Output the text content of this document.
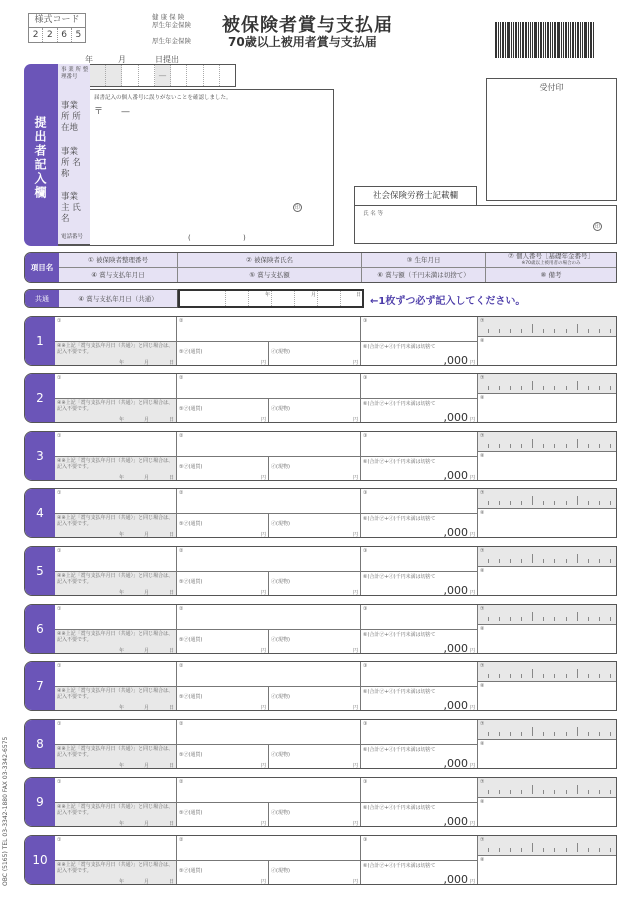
様式コード
2 2 6 5
健 康 保 険
厚生年金保険
厚生年金保険
被保険者賞与支払届
70歳以上被用者賞与支払届
年	月	日提出
提出者記入欄
事 業 所 整理番号
事業所 所在地
事業所 名　称
事業主 氏　名
電話番号
—
届書記入の個人番号に誤りがないことを確認しました。
〒　　—
印
(	)
受付印
社会保険労務士記載欄
氏 名 等
印
項目名
① 被保険者整理番号	② 被保険者氏名	③ 生年月日	⑦ 個人番号［基礎年金番号］
※70歳以上被用者の場合のみ
④ 賞与支払年月日	⑤ 賞与支払額	⑥ 賞与額（千円未満は切捨て）	⑧ 備考
共通	④ 賞与支払年月日（共通）	年	月	日
←1枚ずつ必ず記入してください。
1
①	②	③	⑦
④※上記「賞与支払年月日（共通）」と同じ場合は、記入不要です。
年　　　　月　　　　日
⑤㋐(通貨)
円
㋑(現物)
円
⑥(合計㋐+㋑)千円未満は切捨て
,000 円
⑧
2
①	②	③	⑦
④※上記「賞与支払年月日（共通）」と同じ場合は、記入不要です。
年　　　　月　　　　日
⑤㋐(通貨)
円
㋑(現物)
円
⑥(合計㋐+㋑)千円未満は切捨て
,000 円
⑧
3
①	②	③	⑦
④※上記「賞与支払年月日（共通）」と同じ場合は、記入不要です。
年　　　　月　　　　日
⑤㋐(通貨)
円
㋑(現物)
円
⑥(合計㋐+㋑)千円未満は切捨て
,000 円
⑧
4
①	②	③	⑦
④※上記「賞与支払年月日（共通）」と同じ場合は、記入不要です。
年　　　　月　　　　日
⑤㋐(通貨)
円
㋑(現物)
円
⑥(合計㋐+㋑)千円未満は切捨て
,000 円
⑧
5
①	②	③	⑦
④※上記「賞与支払年月日（共通）」と同じ場合は、記入不要です。
年　　　　月　　　　日
⑤㋐(通貨)
円
㋑(現物)
円
⑥(合計㋐+㋑)千円未満は切捨て
,000 円
⑧
6
①	②	③	⑦
④※上記「賞与支払年月日（共通）」と同じ場合は、記入不要です。
年　　　　月　　　　日
⑤㋐(通貨)
円
㋑(現物)
円
⑥(合計㋐+㋑)千円未満は切捨て
,000 円
⑧
7
①	②	③	⑦
④※上記「賞与支払年月日（共通）」と同じ場合は、記入不要です。
年　　　　月　　　　日
⑤㋐(通貨)
円
㋑(現物)
円
⑥(合計㋐+㋑)千円未満は切捨て
,000 円
⑧
8
①	②	③	⑦
④※上記「賞与支払年月日（共通）」と同じ場合は、記入不要です。
年　　　　月　　　　日
⑤㋐(通貨)
円
㋑(現物)
円
⑥(合計㋐+㋑)千円未満は切捨て
,000 円
⑧
9
①	②	③	⑦
④※上記「賞与支払年月日（共通）」と同じ場合は、記入不要です。
年　　　　月　　　　日
⑤㋐(通貨)
円
㋑(現物)
円
⑥(合計㋐+㋑)千円未満は切捨て
,000 円
⑧
10
①	②	③	⑦
④※上記「賞与支払年月日（共通）」と同じ場合は、記入不要です。
年　　　　月　　　　日
⑤㋐(通貨)
円
㋑(現物)
円
⑥(合計㋐+㋑)千円未満は切捨て
,000 円
⑧
OBC (5165) TEL 03-3342-1880 FAX 03-3342-6575
